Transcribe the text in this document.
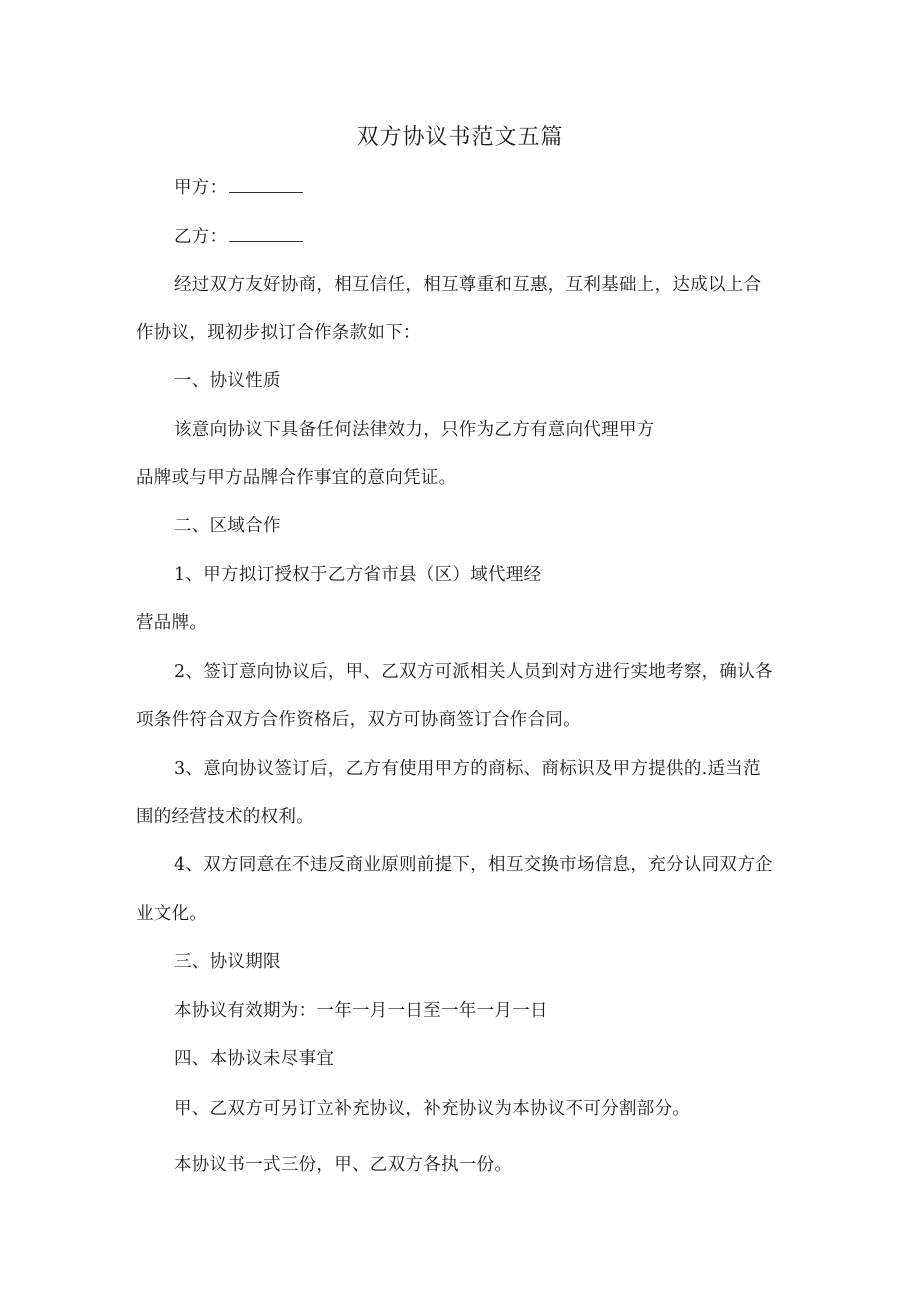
双方协议书范文五篇
甲方：
乙方：
经过双方友好协商，相互信任，相互尊重和互惠，互利基础上，达成以上合
作协议，现初步拟订合作条款如下：
一、协议性质
该意向协议下具备任何法律效力，只作为乙方有意向代理甲方
品牌或与甲方品牌合作事宜的意向凭证。
二、区域合作
1、甲方拟订授权于乙方省市县（区）域代理经
营品牌。
2、签订意向协议后，甲、乙双方可派相关人员到对方进行实地考察，确认各
项条件符合双方合作资格后，双方可协商签订合作合同。
3、意向协议签订后，乙方有使用甲方的商标、商标识及甲方提供的.适当范
围的经营技术的权利。
4、双方同意在不违反商业原则前提下，相互交换市场信息，充分认同双方企
业文化。
三、协议期限
本协议有效期为：一年一月一日至一年一月一日
四、本协议未尽事宜
甲、乙双方可另订立补充协议，补充协议为本协议不可分割部分。
本协议书一式三份，甲、乙双方各执一份。
